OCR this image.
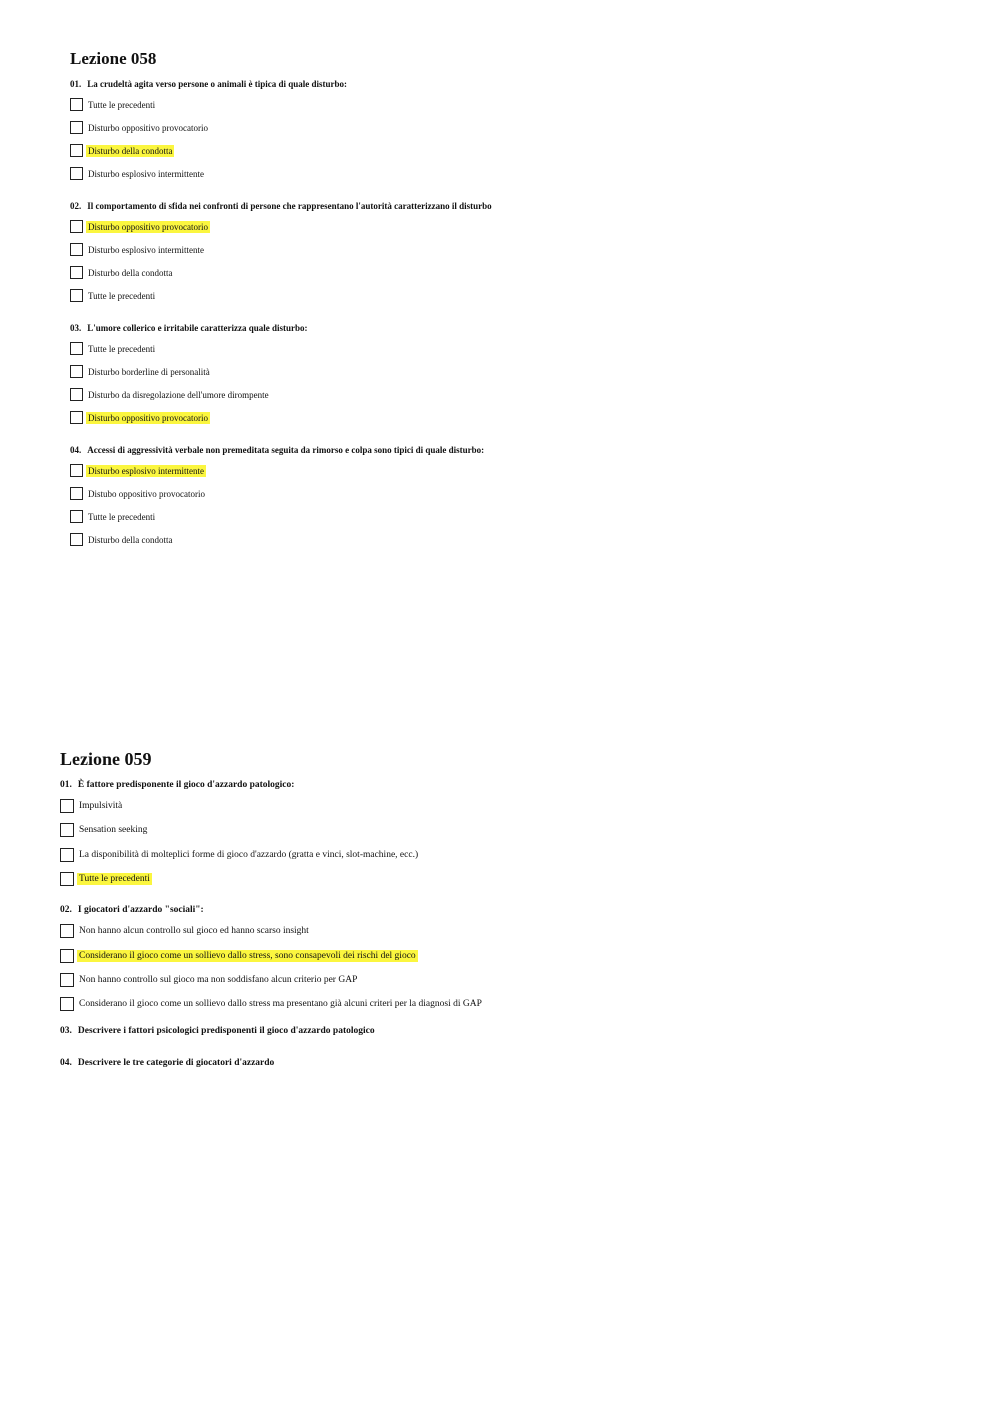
Lezione 058

01. La crudeltà agita verso persone o animali è tipica di quale disturbo:

Tutte le precedenti
Disturbo oppositivo provocatorio
Disturbo della condotta
Disturbo esplosivo intermittente

02. Il comportamento di sfida nei confronti di persone che rappresentano l'autorità caratterizzano il disturbo

Disturbo oppositivo provocatorio
Disturbo esplosivo intermittente
Disturbo della condotta
Tutte le precedenti

03. L'umore collerico e irritabile caratterizza quale disturbo:

Tutte le precedenti
Disturbo borderline di personalità
Disturbo da disregolazione dell'umore dirompente
Disturbo oppositivo provocatorio

04. Accessi di aggressività verbale non premeditata seguita da rimorso e colpa sono tipici di quale disturbo:

Disturbo esplosivo intermittente
Distubo oppositivo provocatorio
Tutte le precedenti
Disturbo della condotta
Lezione 059

01. È fattore predisponente il gioco d'azzardo patologico:

Impulsività
Sensation seeking
La disponibilità di molteplici forme di gioco d'azzardo (gratta e vinci, slot-machine, ecc.)
Tutte le precedenti

02. I giocatori d'azzardo "sociali":

Non hanno alcun controllo sul gioco ed hanno scarso insight
Considerano il gioco come un sollievo dallo stress, sono consapevoli dei rischi del gioco
Non hanno controllo sul gioco ma non soddisfano alcun criterio per GAP
Considerano il gioco come un sollievo dallo stress ma presentano già alcuni criteri per la diagnosi di GAP

03. Descrivere i fattori psicologici predisponenti il gioco d'azzardo patologico

04. Descrivere le tre categorie di giocatori d'azzardo
